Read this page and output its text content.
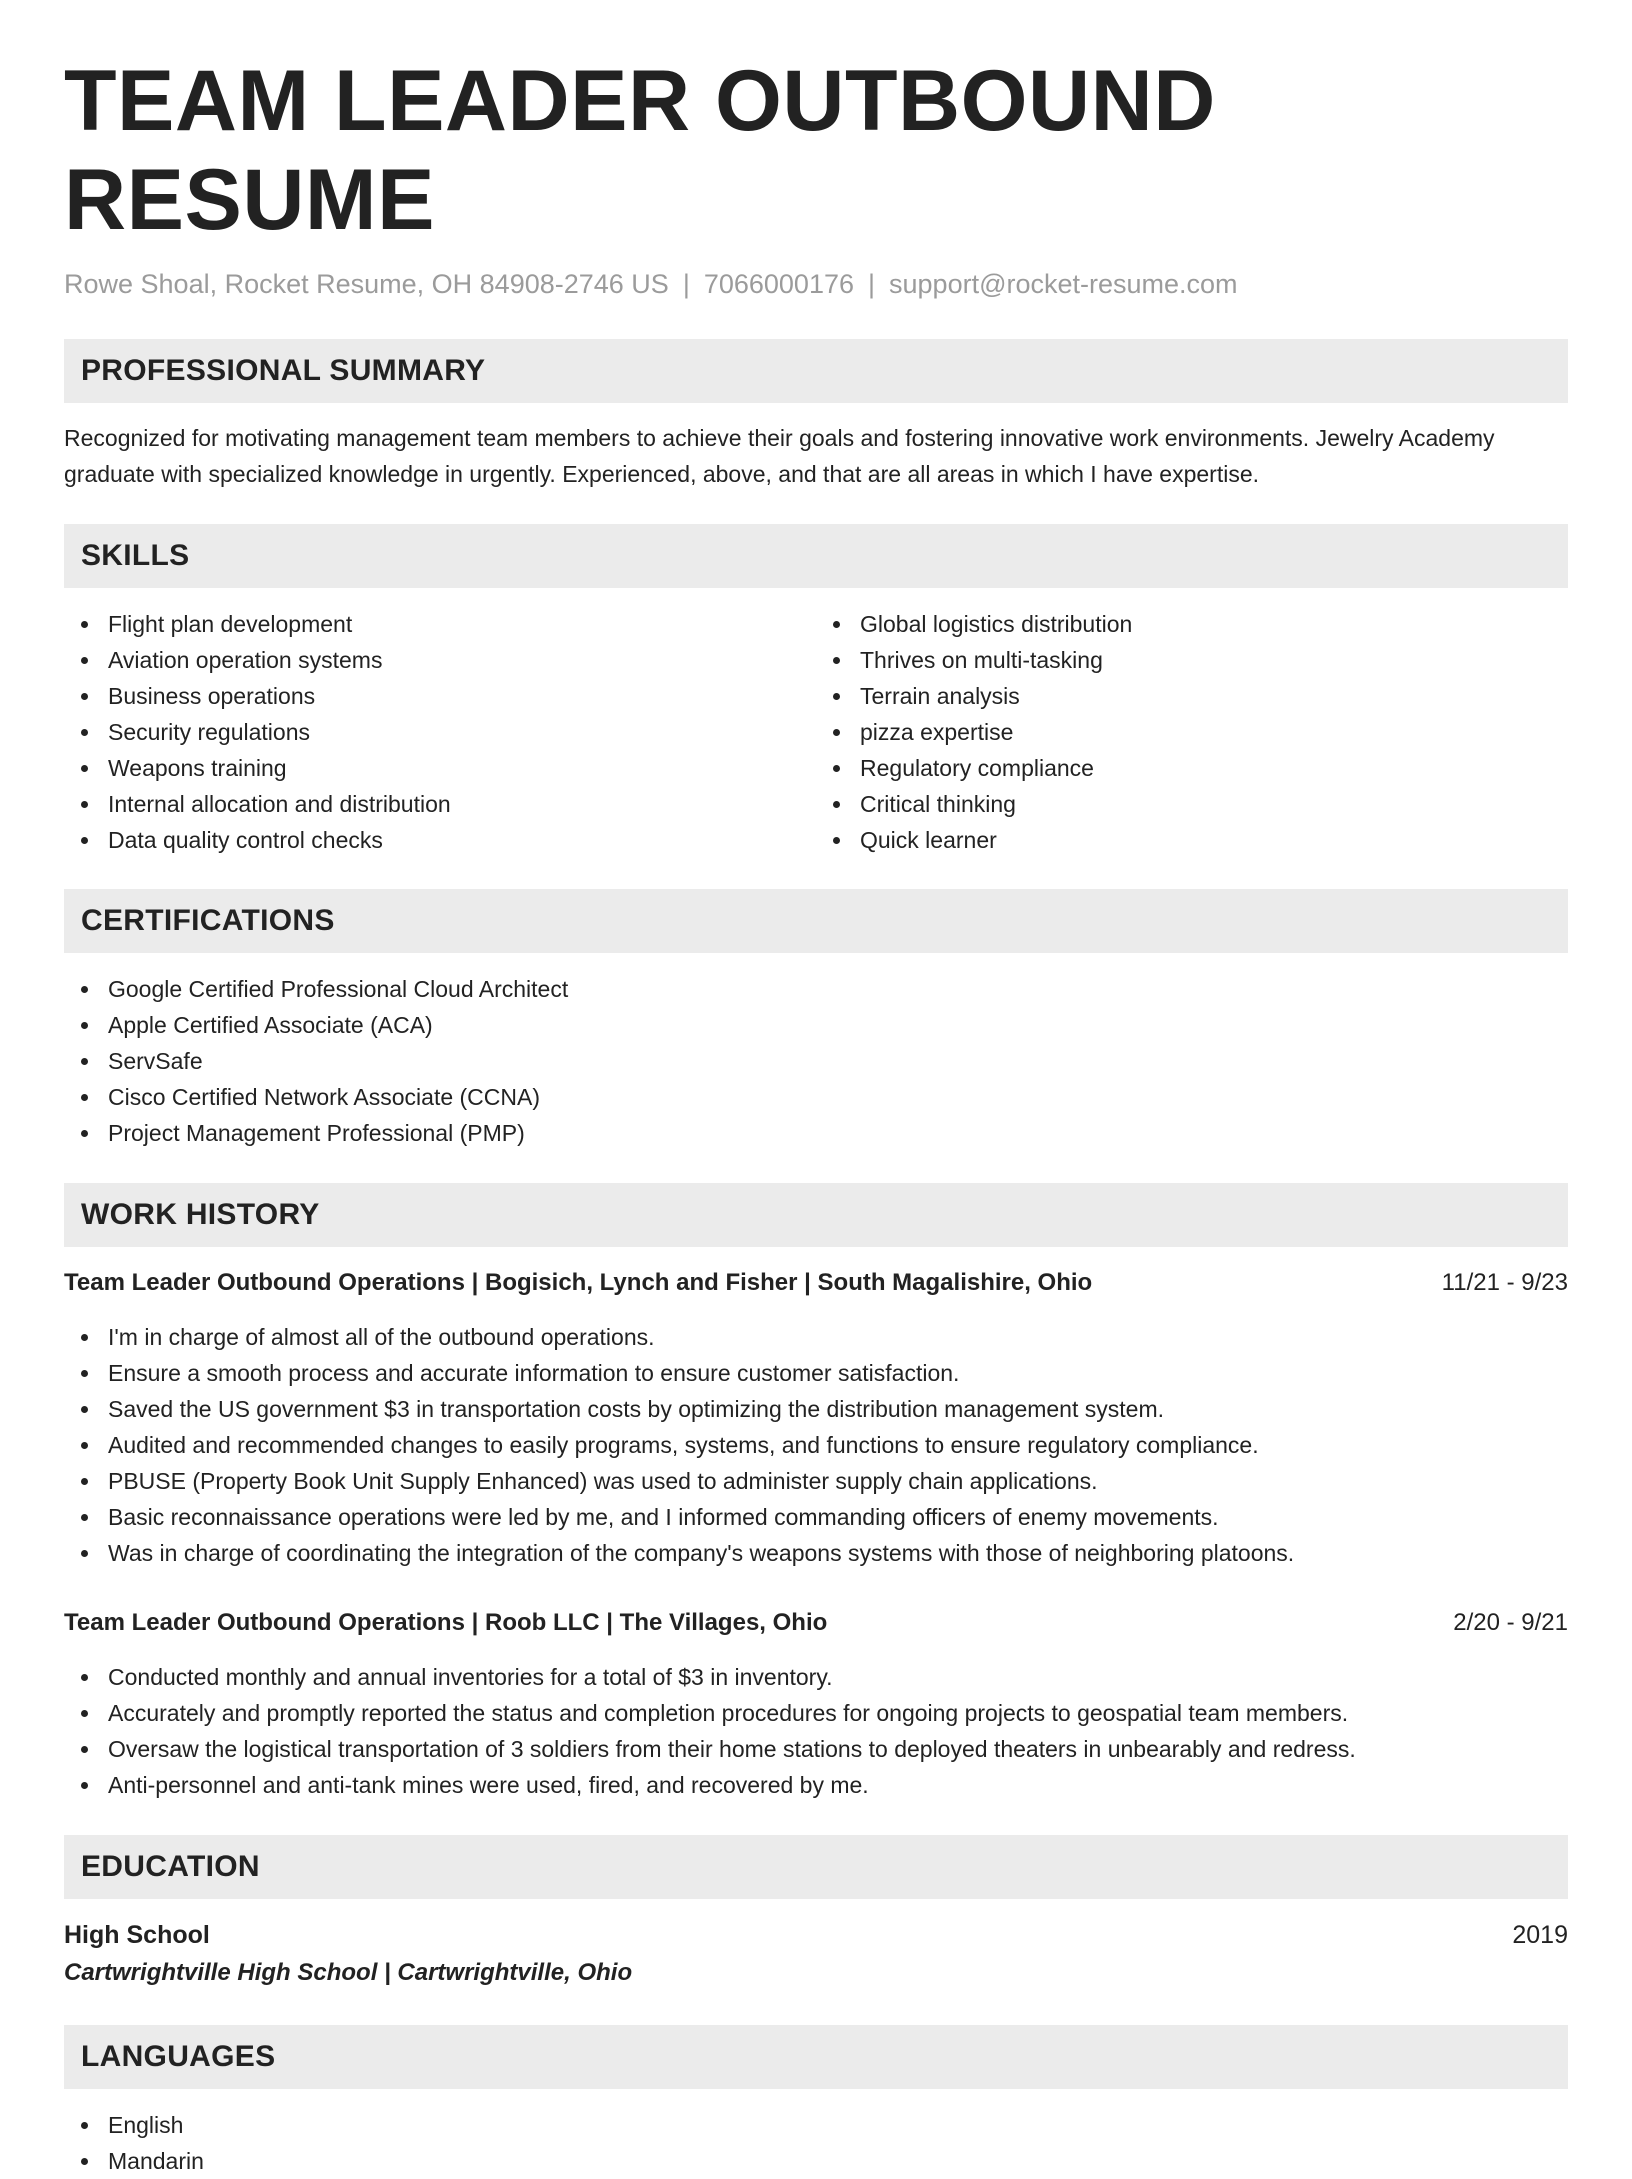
TEAM LEADER OUTBOUND RESUME
Rowe Shoal, Rocket Resume, OH 84908-2746 US | 7066000176 | support@rocket-resume.com
PROFESSIONAL SUMMARY

Recognized for motivating management team members to achieve their goals and fostering innovative work environments. Jewelry Academy graduate with specialized knowledge in urgently. Experienced, above, and that are all areas in which I have expertise.

SKILLS
Flight plan development
Aviation operation systems
Business operations
Security regulations
Weapons training
Internal allocation and distribution
Data quality control checks
Global logistics distribution
Thrives on multi-tasking
Terrain analysis
pizza expertise
Regulatory compliance
Critical thinking
Quick learner
CERTIFICATIONS
Google Certified Professional Cloud Architect
Apple Certified Associate (ACA)
ServSafe
Cisco Certified Network Associate (CCNA)
Project Management Professional (PMP)
WORK HISTORY
Team Leader Outbound Operations | Bogisich, Lynch and Fisher | South Magalishire, Ohio	11/21 - 9/23
I'm in charge of almost all of the outbound operations.
Ensure a smooth process and accurate information to ensure customer satisfaction.
Saved the US government $3 in transportation costs by optimizing the distribution management system.
Audited and recommended changes to easily programs, systems, and functions to ensure regulatory compliance.
PBUSE (Property Book Unit Supply Enhanced) was used to administer supply chain applications.
Basic reconnaissance operations were led by me, and I informed commanding officers of enemy movements.
Was in charge of coordinating the integration of the company's weapons systems with those of neighboring platoons.
Team Leader Outbound Operations | Roob LLC | The Villages, Ohio	2/20 - 9/21
Conducted monthly and annual inventories for a total of $3 in inventory.
Accurately and promptly reported the status and completion procedures for ongoing projects to geospatial team members.
Oversaw the logistical transportation of 3 soldiers from their home stations to deployed theaters in unbearably and redress.
Anti-personnel and anti-tank mines were used, fired, and recovered by me.
EDUCATION
High School	2019
Cartwrightville High School | Cartwrightville, Ohio
LANGUAGES
English
Mandarin
